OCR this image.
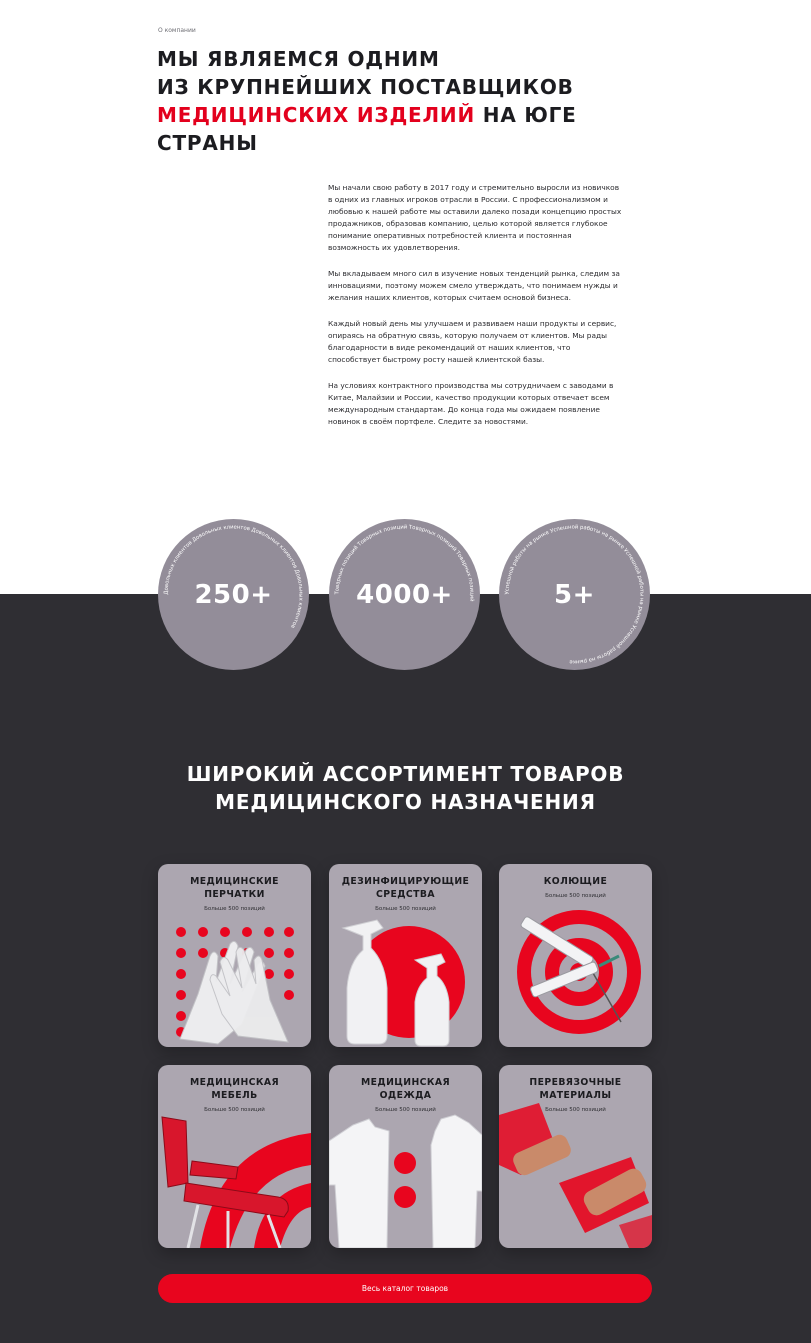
О компании
МЫ ЯВЛЯЕМСЯ ОДНИМ
ИЗ КРУПНЕЙШИХ ПОСТАВЩИКОВ
МЕДИЦИНСКИХ ИЗДЕЛИЙ НА ЮГЕ
СТРАНЫ

Мы начали свою работу в 2017 году и стремительно выросли из новичков в одних из главных игроков отрасли в России. С профессионализмом и любовью к нашей работе мы оставили далеко позади концепцию простых продажников, образовав компанию, целью которой является глубокое понимание оперативных потребностей клиента и постоянная возможность их удовлетворения.

Мы вкладываем много сил в изучение новых тенденций рынка, следим за инновациями, поэтому можем смело утверждать, что понимаем нужды и желания наших клиентов, которых считаем основой бизнеса.

Каждый новый день мы улучшаем и развиваем наши продукты и сервис, опираясь на обратную связь, которую получаем от клиентов. Мы рады благодарности в виде рекомендаций от наших клиентов, что способствует быстрому росту нашей клиентской базы.

На условиях контрактного производства мы сотрудничаем с заводами в Китае, Малайзии и России, качество продукции которых отвечает всем международным стандартам. До конца года мы ожидаем появление новинок в своём портфеле. Следите за новостями.

Довольных клиентов Довольных клиентов Довольных клиентов Довольных клиентов
250+	Товарных позиций Товарных позиций Товарных позиций Товарных позиций
4000+	Успешной работы на рынке Успешной работы на рынке Успешной работы на рынке Успешной работы на рынке
5+
ШИРОКИЙ АССОРТИМЕНТ ТОВАРОВ МЕДИЦИНСКОГО НАЗНАЧЕНИЯ
МЕДИЦИНСКИЕ
ПЕРЧАТКИ
Больше 500 позиций
ДЕЗИНФИЦИРУЮЩИЕ
СРЕДСТВА
Больше 500 позиций
КОЛЮЩИЕ
Больше 500 позиций
МЕДИЦИНСКАЯ
МЕБЕЛЬ
Больше 500 позиций
МЕДИЦИНСКАЯ
ОДЕЖДА
Больше 500 позиций
ПЕРЕВЯЗОЧНЫЕ
МАТЕРИАЛЫ
Больше 500 позиций
Весь каталог товаров
